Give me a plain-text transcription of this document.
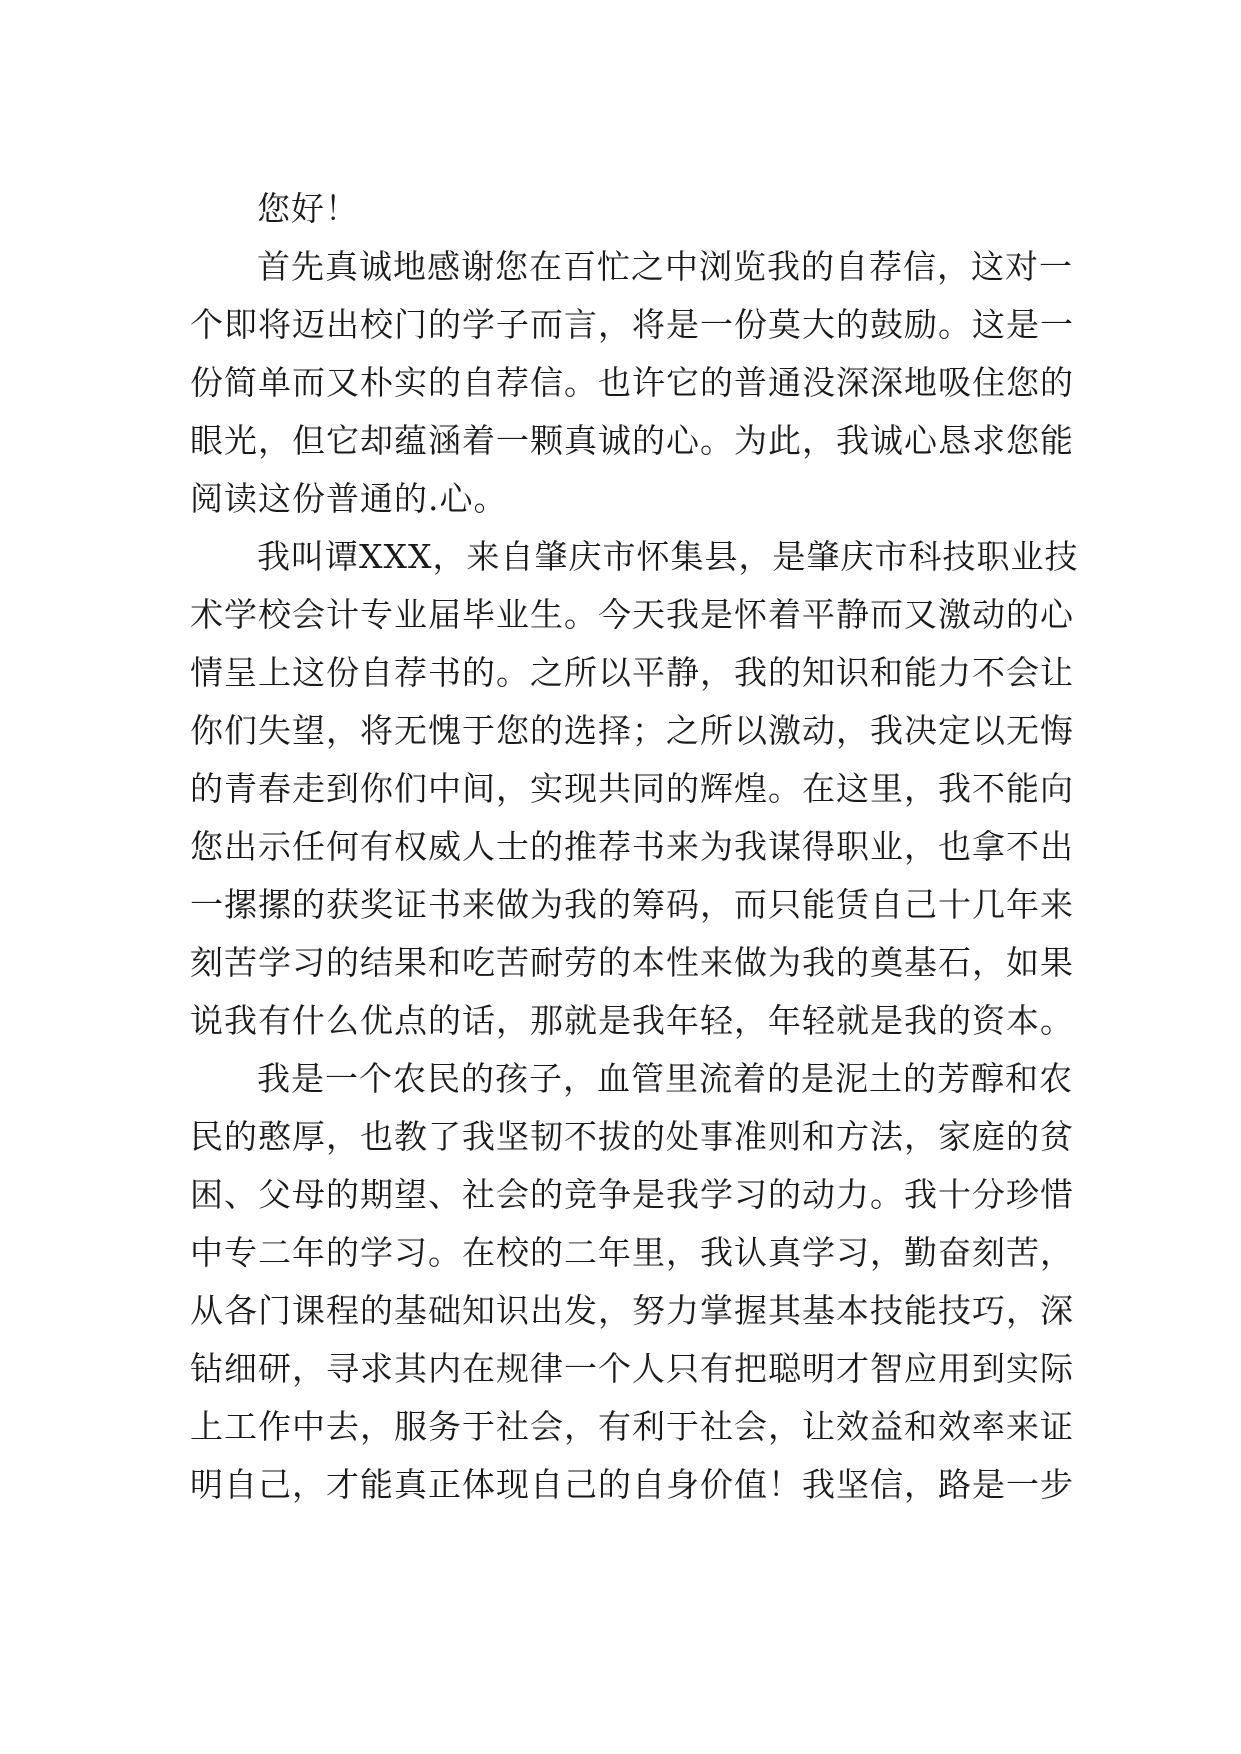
您好！
首先真诚地感谢您在百忙之中浏览我的自荐信，这对一
个即将迈出校门的学子而言，将是一份莫大的鼓励。这是一
份简单而又朴实的自荐信。也许它的普通没深深地吸住您的
眼光，但它却蕴涵着一颗真诚的心。为此，我诚心恳求您能
阅读这份普通的.心。
我叫谭XXX，来自肇庆市怀集县，是肇庆市科技职业技
术学校会计专业届毕业生。今天我是怀着平静而又激动的心
情呈上这份自荐书的。之所以平静，我的知识和能力不会让
你们失望，将无愧于您的选择；之所以激动，我决定以无悔
的青春走到你们中间，实现共同的辉煌。在这里，我不能向
您出示任何有权威人士的推荐书来为我谋得职业，也拿不出
一摞摞的获奖证书来做为我的筹码，而只能赁自己十几年来
刻苦学习的结果和吃苦耐劳的本性来做为我的奠基石，如果
说我有什么优点的话，那就是我年轻，年轻就是我的资本。
我是一个农民的孩子，血管里流着的是泥土的芳醇和农
民的憨厚，也教了我坚韧不拔的处事准则和方法，家庭的贫
困、父母的期望、社会的竞争是我学习的动力。我十分珍惜
中专二年的学习。在校的二年里，我认真学习，勤奋刻苦，
从各门课程的基础知识出发，努力掌握其基本技能技巧，深
钻细研，寻求其内在规律一个人只有把聪明才智应用到实际
上工作中去，服务于社会，有利于社会，让效益和效率来证
明自己，才能真正体现自己的自身价值！我坚信，路是一步
